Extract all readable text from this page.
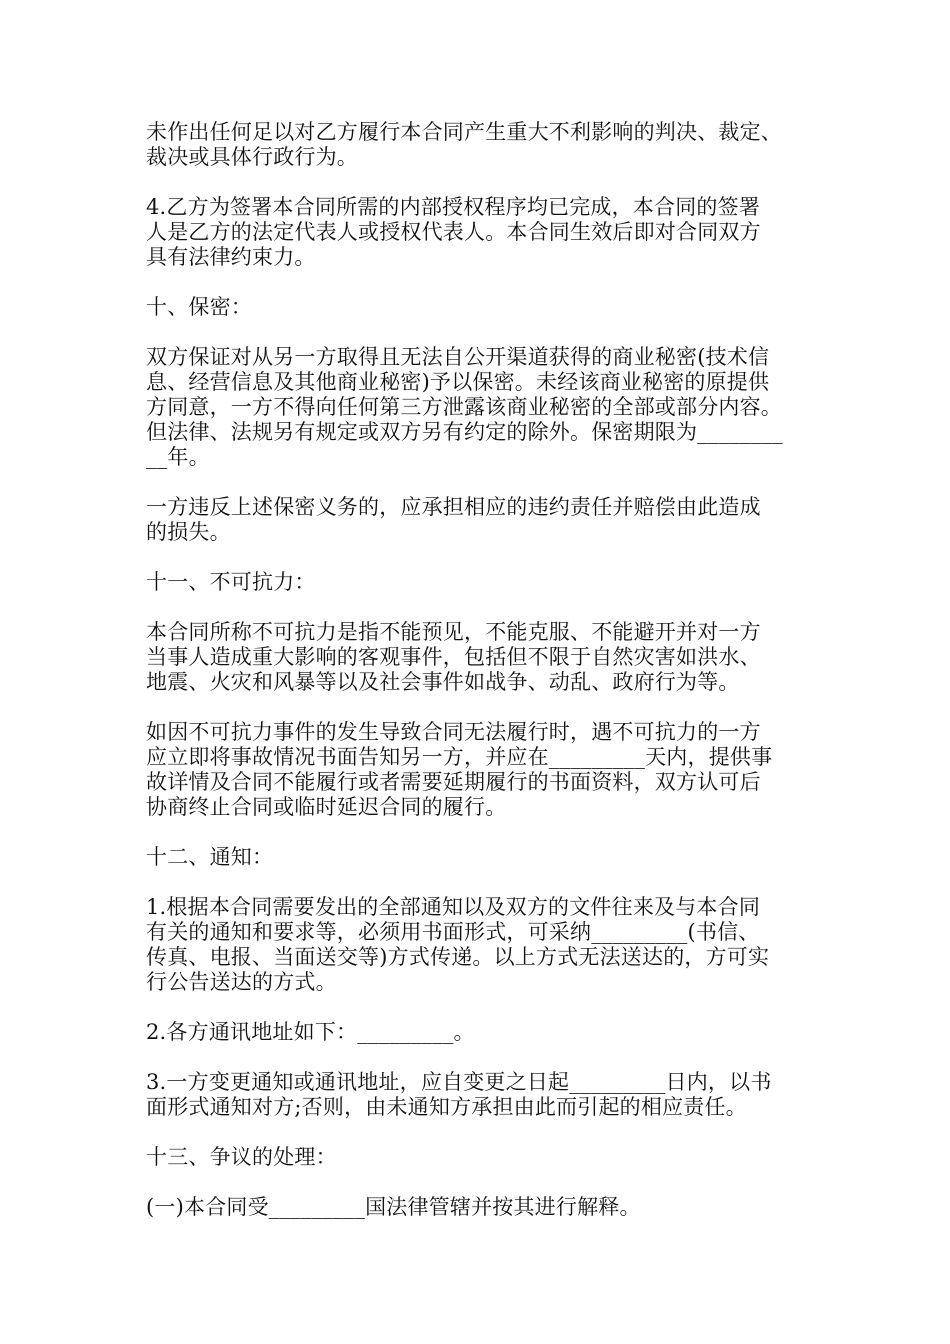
未作出任何足以对乙方履行本合同产生重大不利影响的判决、裁定、
裁决或具体行政行为。

4.乙方为签署本合同所需的内部授权程序均已完成，本合同的签署
人是乙方的法定代表人或授权代表人。本合同生效后即对合同双方
具有法律约束力。

十、保密：

双方保证对从另一方取得且无法自公开渠道获得的商业秘密(技术信
息、经营信息及其他商业秘密)予以保密。未经该商业秘密的原提供
方同意，一方不得向任何第三方泄露该商业秘密的全部或部分内容。
但法律、法规另有规定或双方另有约定的除外。保密期限为________
__年。

一方违反上述保密义务的，应承担相应的违约责任并赔偿由此造成
的损失。

十一、不可抗力：

本合同所称不可抗力是指不能预见，不能克服、不能避开并对一方
当事人造成重大影响的客观事件，包括但不限于自然灾害如洪水、
地震、火灾和风暴等以及社会事件如战争、动乱、政府行为等。

如因不可抗力事件的发生导致合同无法履行时，遇不可抗力的一方
应立即将事故情况书面告知另一方，并应在_________天内，提供事
故详情及合同不能履行或者需要延期履行的书面资料，双方认可后
协商终止合同或临时延迟合同的履行。

十二、通知：

1.根据本合同需要发出的全部通知以及双方的文件往来及与本合同
有关的通知和要求等，必须用书面形式，可采纳_________(书信、
传真、电报、当面送交等)方式传递。以上方式无法送达的，方可实
行公告送达的方式。

2.各方通讯地址如下：_________。

3.一方变更通知或通讯地址，应自变更之日起_________日内，以书
面形式通知对方;否则，由未通知方承担由此而引起的相应责任。

十三、争议的处理：

(一)本合同受_________国法律管辖并按其进行解释。
